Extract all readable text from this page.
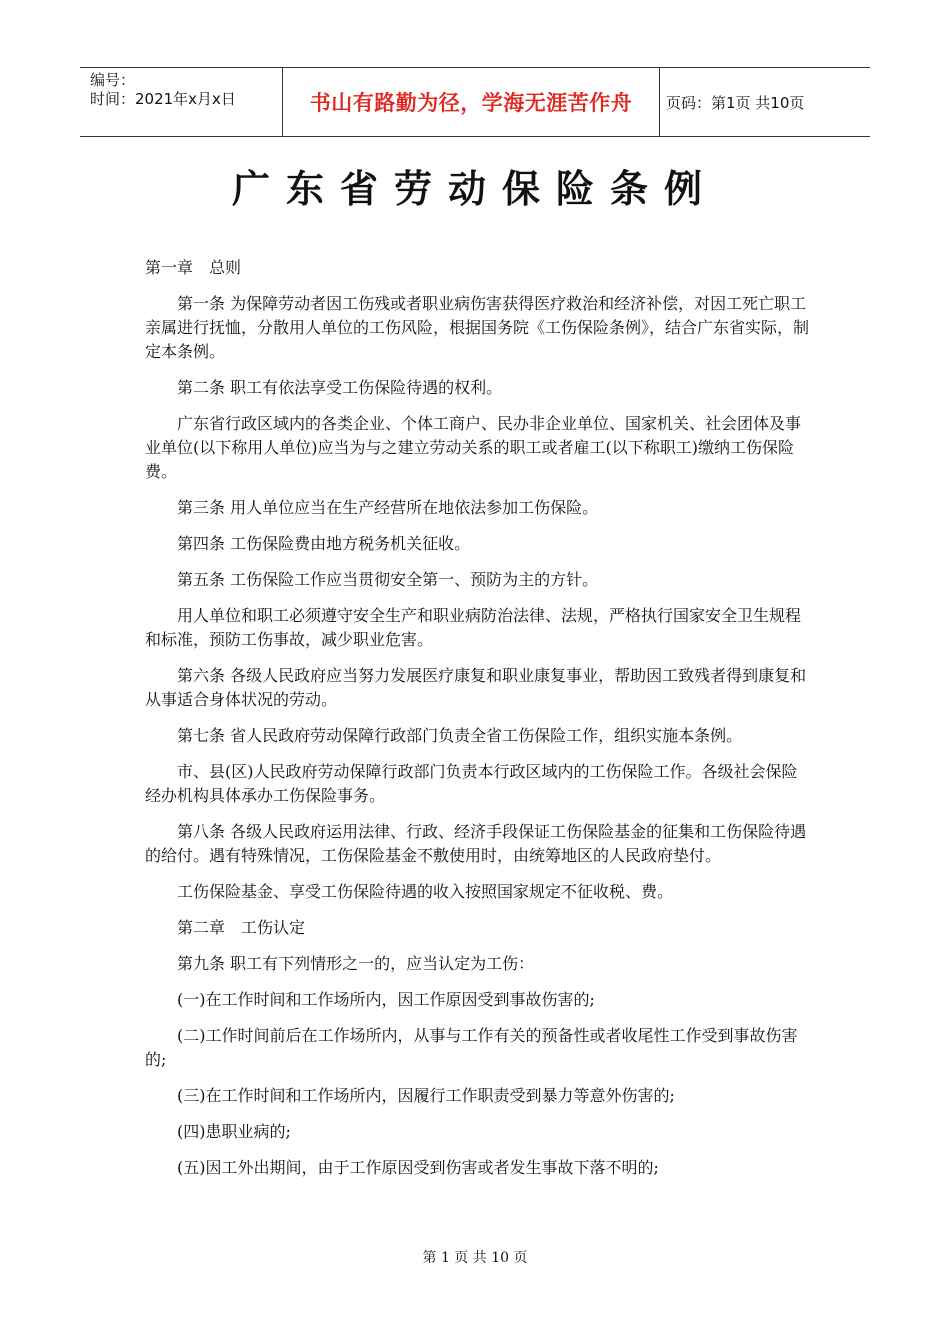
编号：
时间：2021年x月x日	书山有路勤为径，学海无涯苦作舟	页码：第1页 共10页
广东省劳动保险条例

第一章　总则

第一条 为保障劳动者因工伤残或者职业病伤害获得医疗救治和经济补偿，对因工死亡职工亲属进行抚恤，分散用人单位的工伤风险，根据国务院《工伤保险条例》，结合广东省实际，制定本条例。

第二条 职工有依法享受工伤保险待遇的权利。

广东省行政区域内的各类企业、个体工商户、民办非企业单位、国家机关、社会团体及事业单位(以下称用人单位)应当为与之建立劳动关系的职工或者雇工(以下称职工)缴纳工伤保险费。

第三条 用人单位应当在生产经营所在地依法参加工伤保险。

第四条 工伤保险费由地方税务机关征收。

第五条 工伤保险工作应当贯彻安全第一、预防为主的方针。

用人单位和职工必须遵守安全生产和职业病防治法律、法规，严格执行国家安全卫生规程和标准，预防工伤事故，减少职业危害。

第六条 各级人民政府应当努力发展医疗康复和职业康复事业，帮助因工致残者得到康复和从事适合身体状况的劳动。

第七条 省人民政府劳动保障行政部门负责全省工伤保险工作，组织实施本条例。

市、县(区)人民政府劳动保障行政部门负责本行政区域内的工伤保险工作。各级社会保险经办机构具体承办工伤保险事务。

第八条 各级人民政府运用法律、行政、经济手段保证工伤保险基金的征集和工伤保险待遇的给付。遇有特殊情况，工伤保险基金不敷使用时，由统筹地区的人民政府垫付。

工伤保险基金、享受工伤保险待遇的收入按照国家规定不征收税、费。

第二章　工伤认定

第九条 职工有下列情形之一的，应当认定为工伤：

(一)在工作时间和工作场所内，因工作原因受到事故伤害的;

(二)工作时间前后在工作场所内，从事与工作有关的预备性或者收尾性工作受到事故伤害的;

(三)在工作时间和工作场所内，因履行工作职责受到暴力等意外伤害的;

(四)患职业病的;

(五)因工外出期间，由于工作原因受到伤害或者发生事故下落不明的;

第 1 页 共 10 页
